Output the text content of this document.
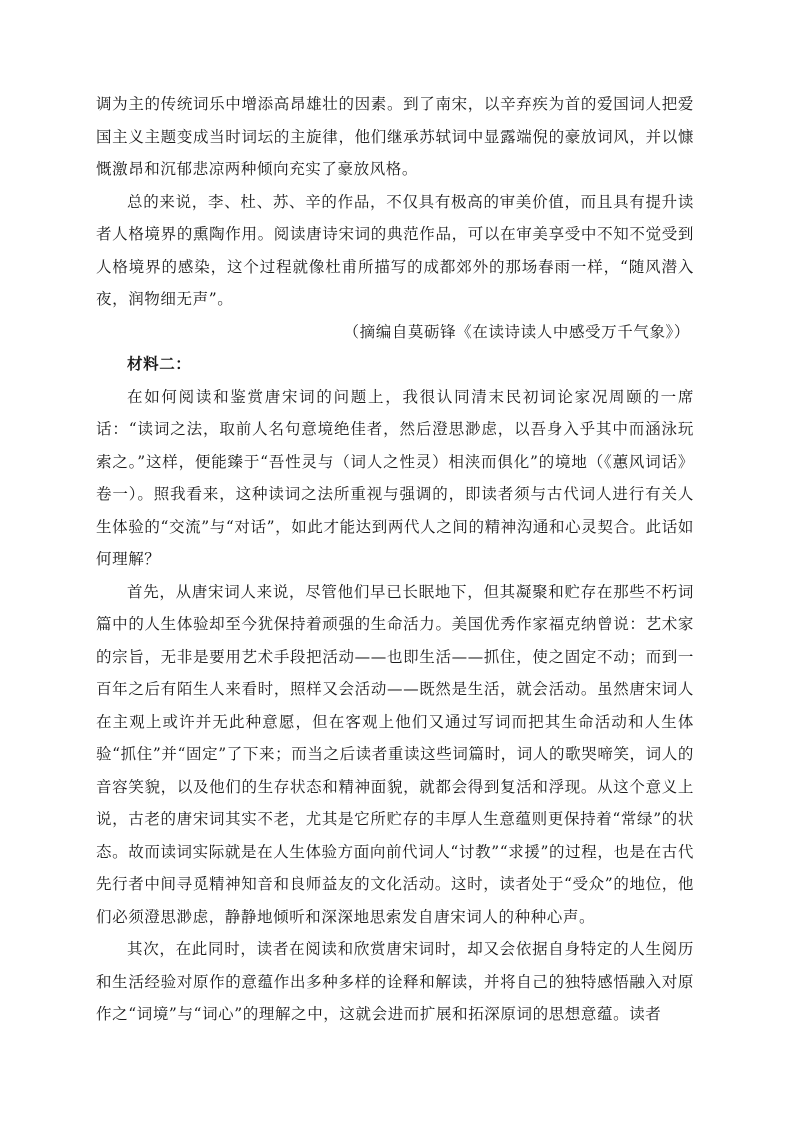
调为主的传统词乐中增添高昂雄壮的因素。到了南宋，以辛弃疾为首的爱国词人把爱国主义主题变成当时词坛的主旋律，他们继承苏轼词中显露端倪的豪放词风，并以慷慨激昂和沉郁悲凉两种倾向充实了豪放风格。

总的来说，李、杜、苏、辛的作品，不仅具有极高的审美价值，而且具有提升读者人格境界的熏陶作用。阅读唐诗宋词的典范作品，可以在审美享受中不知不觉受到人格境界的感染，这个过程就像杜甫所描写的成都郊外的那场春雨一样，“随风潜入夜，润物细无声”。

（摘编自莫砺锋《在读诗读人中感受万千气象》）

材料二：

在如何阅读和鉴赏唐宋词的问题上，我很认同清末民初词论家况周颐的一席话：“读词之法，取前人名句意境绝佳者，然后澄思渺虑，以吾身入乎其中而涵泳玩索之。”这样，便能臻于“吾性灵与（词人之性灵）相浃而俱化”的境地（《蕙风词话》卷一）。照我看来，这种读词之法所重视与强调的，即读者须与古代词人进行有关人生体验的“交流”与“对话”，如此才能达到两代人之间的精神沟通和心灵契合。此话如何理解？

首先，从唐宋词人来说，尽管他们早已长眠地下，但其凝聚和贮存在那些不朽词篇中的人生体验却至今犹保持着顽强的生命活力。美国优秀作家福克纳曾说：艺术家的宗旨，无非是要用艺术手段把活动——也即生活——抓住，使之固定不动；而到一百年之后有陌生人来看时，照样又会活动——既然是生活，就会活动。虽然唐宋词人在主观上或许并无此种意愿，但在客观上他们又通过写词而把其生命活动和人生体验“抓住”并“固定”了下来；而当之后读者重读这些词篇时，词人的歌哭啼笑，词人的音容笑貌，以及他们的生存状态和精神面貌，就都会得到复活和浮现。从这个意义上说，古老的唐宋词其实不老，尤其是它所贮存的丰厚人生意蕴则更保持着“常绿”的状态。故而读词实际就是在人生体验方面向前代词人“讨教”“求援”的过程，也是在古代先行者中间寻觅精神知音和良师益友的文化活动。这时，读者处于“受众”的地位，他们必须澄思渺虑，静静地倾听和深深地思索发自唐宋词人的种种心声。

其次，在此同时，读者在阅读和欣赏唐宋词时，却又会依据自身特定的人生阅历和生活经验对原作的意蕴作出多种多样的诠释和解读，并将自己的独特感悟融入对原作之“词境”与“词心”的理解之中，这就会进而扩展和拓深原词的思想意蕴。读者
